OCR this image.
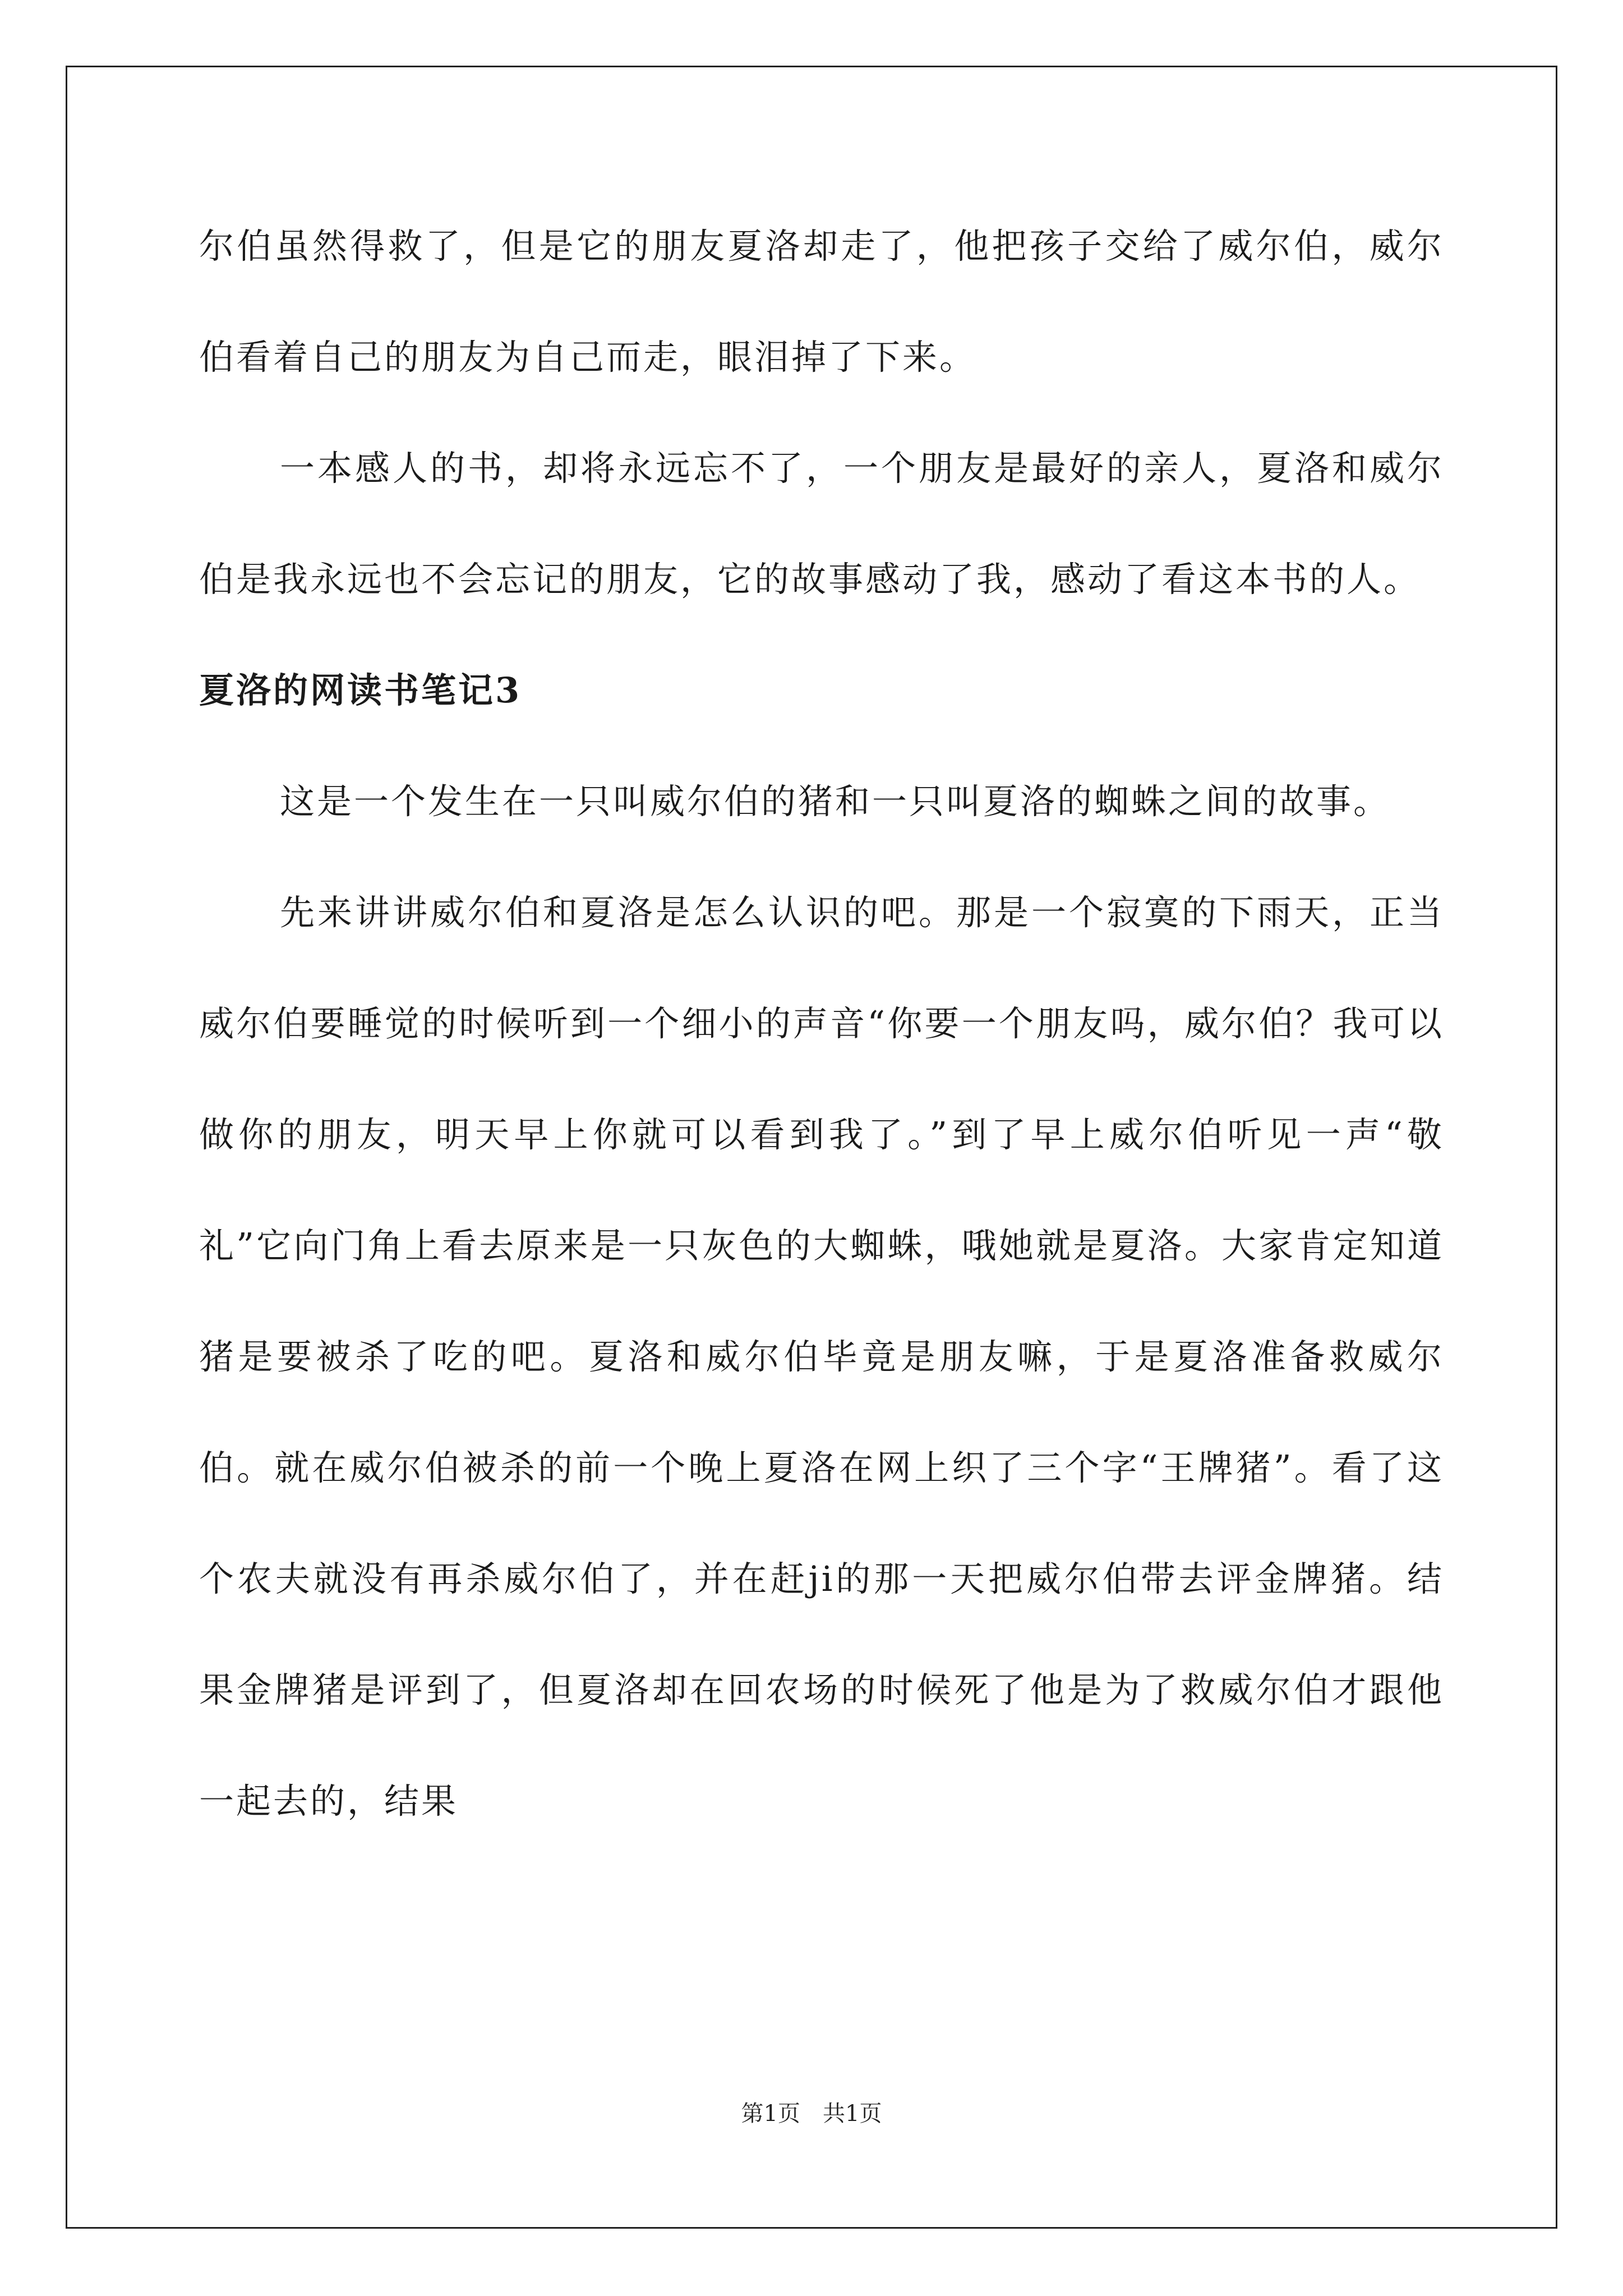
尔伯虽然得救了，但是它的朋友夏洛却走了，他把孩子交给了威尔伯，威尔伯看着自己的朋友为自己而走，眼泪掉了下来。

一本感人的书，却将永远忘不了，一个朋友是最好的亲人，夏洛和威尔伯是我永远也不会忘记的朋友，它的故事感动了我，感动了看这本书的人。

夏洛的网读书笔记3

这是一个发生在一只叫威尔伯的猪和一只叫夏洛的蜘蛛之间的故事。

先来讲讲威尔伯和夏洛是怎么认识的吧。那是一个寂寞的下雨天，正当威尔伯要睡觉的时候听到一个细小的声音“你要一个朋友吗，威尔伯？我可以做你的朋友，明天早上你就可以看到我了。”到了早上威尔伯听见一声“敬礼”它向门角上看去原来是一只灰色的大蜘蛛，哦她就是夏洛。大家肯定知道猪是要被杀了吃的吧。夏洛和威尔伯毕竟是朋友嘛，于是夏洛准备救威尔伯。就在威尔伯被杀的前一个晚上夏洛在网上织了三个字“王牌猪”。看了这个农夫就没有再杀威尔伯了，并在赶ji的那一天把威尔伯带去评金牌猪。结果金牌猪是评到了，但夏洛却在回农场的时候死了他是为了救威尔伯才跟他一起去的，结果

第1页 共1页
